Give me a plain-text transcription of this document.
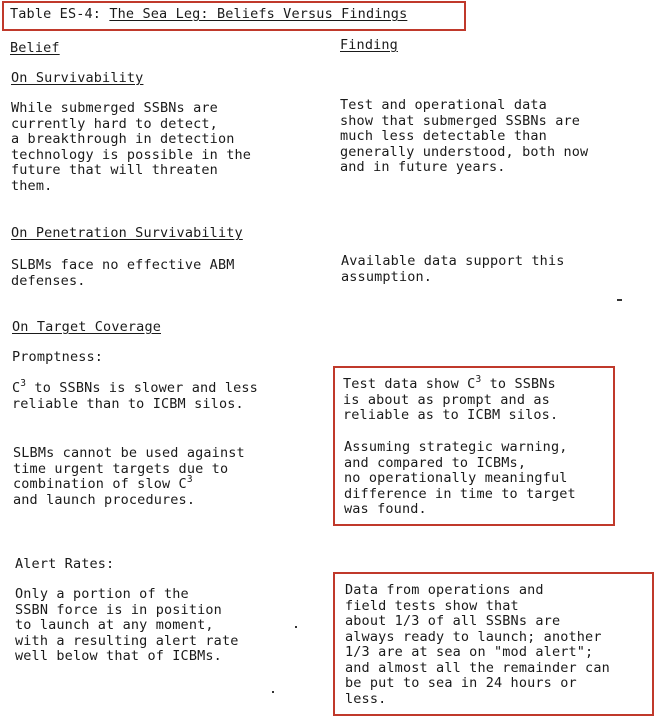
Table ES-4: The Sea Leg: Beliefs Versus Findings
Belief	Finding
On Survivability
While submerged SSBNs are
currently hard to detect,
a breakthrough in detection
technology is possible in the
future that will threaten
them.
Test and operational data
show that submerged SSBNs are
much less detectable than
generally understood, both now
and in future years.
On Penetration Survivability
SLBMs face no effective ABM
defenses.
Available data support this
assumption.
On Target Coverage
Promptness:
$C^3$ to SSBNs is slower and less
reliable than to ICBM silos.
Test data show $C^3$ to SSBNs
is about as prompt and as
reliable as to ICBM silos.
SLBMs cannot be used against
time urgent targets due to
combination of slow $C^3$
and launch procedures.
Assuming strategic warning,
and compared to ICBMs,
no operationally meaningful
difference in time to target
was found.
Alert Rates:
Only a portion of the
SSBN force is in position
to launch at any moment,
with a resulting alert rate
well below that of ICBMs.
Data from operations and
field tests show that
about 1/3 of all SSBNs are
always ready to launch; another
1/3 are at sea on "mod alert";
and almost all the remainder can
be put to sea in 24 hours or
less.
